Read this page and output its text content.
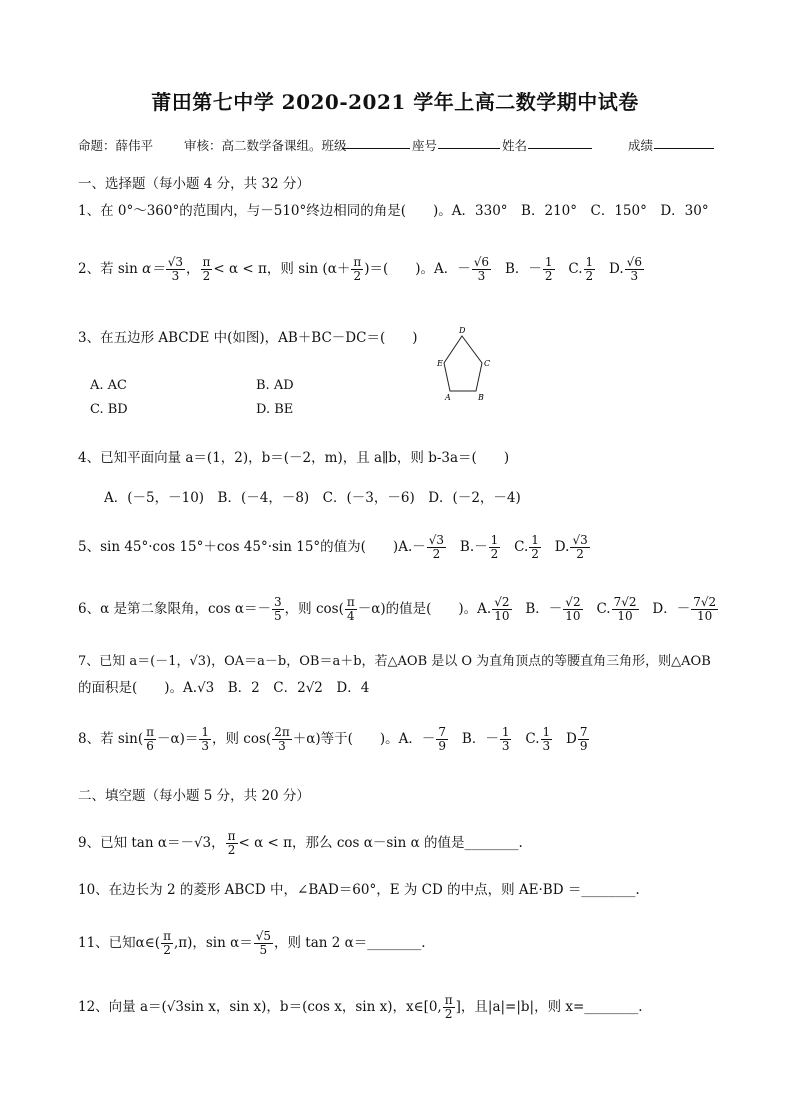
莆田第七中学 2020-2021 学年上高二数学期中试卷
命题：薛伟平 审核：高二数学备课组。班级	座号	姓名	成绩
一、选择题（每小题 4 分，共 32 分）
1、在 0°～360°的范围内，与－510°终边相同的角是(　　)。A．330°　B．210°　C．150°　D．30°
2、若 $\sin \alpha= \frac{√3}{3}$ ， $\frac{\pi}{2} < \alpha < \pi$，则 $\sin (\alpha+ \frac{\pi}{2}$ )＝(　　)。A．－ $\frac{√6}{3}$ B．－ $\frac{1}{2} C$. $\frac{1}{2} D$. $\frac{√6}{3}$
3、在五边形 ABCDE 中(如图)，AB＋BC－DC＝(　　)	D
C
B
A
E
A. AC	B. AD
C. BD	D. BE
4、已知平面向量 a＝(1，2)，b＝(－2，m)，且 a∥b，则 b-3a＝(　　)
A．(－5，－10)　B．(－4，－8)　C．(－3，－6)　D．(－2，－4)
5、sin 45°·cos 15°＋cos 45°·sin 15°的值为(　　)$A.- \frac{√3}{2} B.- \frac{1}{2} C$. $\frac{1}{2} D$. $\frac{√3}{2}$
6、α 是第二象限角，$\cos \alpha=- \frac{3}{5}$ ，则 $\cos( \frac{\pi}{4} -\alpha)$的值是(　　)。A. $\frac{√2}{10}$ B．－ $\frac{√2}{10} C$. $\frac{7√2}{10}$ D．－ $\frac{7√2}{10}$
7、已知 a＝(－1，√3)，OA＝a－b，OB＝a＋b，若△AOB 是以 O 为直角顶点的等腰直角三角形，则△AOB
的面积是(　　)。A.√3　B．2　C．2√2　D．4
8、若 $\sin( \frac{\pi}{6} -\alpha)= \frac{1}{3}$ ，则 $\cos( \frac{2\pi}{3} +\alpha)$等于(　　)。A．－ $\frac{7}{9}$ B．－ $\frac{1}{3} C$. $\frac{1}{3}$ D $\frac{7}{9}$
二、填空题（每小题 5 分，共 20 分）
9、已知 tan α＝－√3， $\frac{\pi}{2} < \alpha < \pi$，那么 cos α－sin α 的值是________.
10、在边长为 2 的菱形 ABCD 中，∠BAD＝60°，E 为 CD 的中点，则 AE·BD ＝________.
11、已知α∈( $\frac{\pi}{2} ,\pi$)，$\sin \alpha= \frac{√5}{5}$ ，则 tan 2 α＝________.
12、向量 a＝(√3sin x，sin x)，b＝(cos x，sin x)，x∈[0, $\frac{\pi}{2}$ ]，且|a|=|b|，则 x=________.
